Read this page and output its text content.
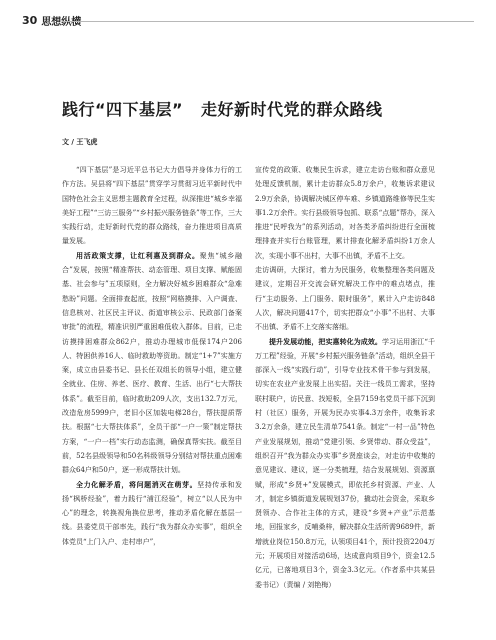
30 思想纵横
践行“四下基层” 走好新时代党的群众路线
文 / 王飞虎

“四下基层”是习近平总书记大力倡导并身体力行的工作方法。吴县将“四下基层”贯穿学习贯彻习近平新时代中国特色社会主义思想主题教育全过程，纵深推进“城乡幸福美好工程”“三访三服务”“乡村振兴服务链条”等工作，三大实践行动，走好新时代党的群众路线，奋力推进项目高质量发展。

用活政策支撑，让红利惠及到群众。聚焦“城乡融合”发展，按照“精准帮扶、动态管理、项目支撑、赋能固基、社会参与”五项原则，全力解决好城乡困难群众“急难愁盼”问题。全面排查起底，按照“网格摸排、入户调查、信息核对、社区民主评议、街道审核公示、民政部门备案审批”的流程，精准识别严重困难低收入群体。目前，已走访摸排困难群众862户，推动办理城市低保174户206人、特困供养16人、临时救助等资助。制定“1+7”实施方案，成立由县委书记、县长任双组长的领导小组，建立健全就业、住房、养老、医疗、教育、生活、出行“七大帮扶体系”。截至目前，临时救助209人次，支出132.7万元，改造危房5999户，老旧小区加装电梯28台，帮扶提质帮扶。根据“七大帮扶体系”，全员干部“一户一策”制定帮扶方案，“一户一档”实行动态监测，确保真帮实扶。截至目前，52名县级领导和50名科级领导分别结对帮扶重点困难群众64户和50户，逐一形成帮扶计划。

全力化解矛盾，将问题消灭在萌芽。坚持传承和发扬“枫桥经验”，着力践行“浦江经验”，树立“以人民为中心”的理念，转换视角换位思考，推动矛盾化解在基层一线。县委党员干部率先，践行“我为群众办实事”，组织全体党员“上门入户、走村串户”，

宣传党的政策、收集民生诉求，建立走访台账和群众意见处理反馈机制，累计走访群众5.8万余户，收集诉求建议2.9万余条，协调解决城区停车难、乡镇道路维修等民生实事1.2万余件。实行县级领导包抓、联系“点题”帮办，深入推进“民呼我为”的系列活动，对各类矛盾纠纷进行全面梳理排查并实行台账管理，累计排查化解矛盾纠纷1万余人次，实现小事不出村，大事不出镇，矛盾不上交。

走访调研，大探讨，着力为民服务，收集整理各类问题及建议，定期召开交流会研究解决工作中的难点堵点，推行“主动服务、上门服务、限时服务”，累计入户走访848人次，解决问题417个，切实把群众“小事”不出村、大事不出镇、矛盾不上交落实落细。

提升发展动能，把实惠转化为成效。学习运用浙江“千万工程”经验，开展“乡村振兴服务链条”活动，组织全县干部深入一线“实践行动”，引导专业技术骨干参与到发展，切实在农业产业发展上出实招。关注一线员工需求，坚持联村联户，访民意、找短板，全县7159名党员干部下沉到村（社区）服务，开展为民办实事4.3万余件，收集诉求3.2万余条，建立民生清单7541条。制定“一村一品”特色产业发展规划，推动“党建引领、乡贤带动、群众受益”，组织召开“我为群众办实事”乡贤座谈会，对走访中收集的意见建议、建议，逐一分类梳理，结合发展规划、资源禀赋，形成“乡贤+”发展模式，即依托乡村资源、产业、人才，制定乡镇街道发展规划37份，撬动社会资金，采取乡贤领办、合作社主体的方式，建设“乡贤+产业”示范基地，回报家乡，反哺桑梓，解决群众生活所需9689件，新增就业岗位150.8万元，认领项目41个，预计投资2204万元；开展项目对接活动6场，达成意向项目9个，资金12.5亿元，已落地项目3个，资金3.3亿元。（作者系中共某县委书记）（责编 / 刘艳梅）
